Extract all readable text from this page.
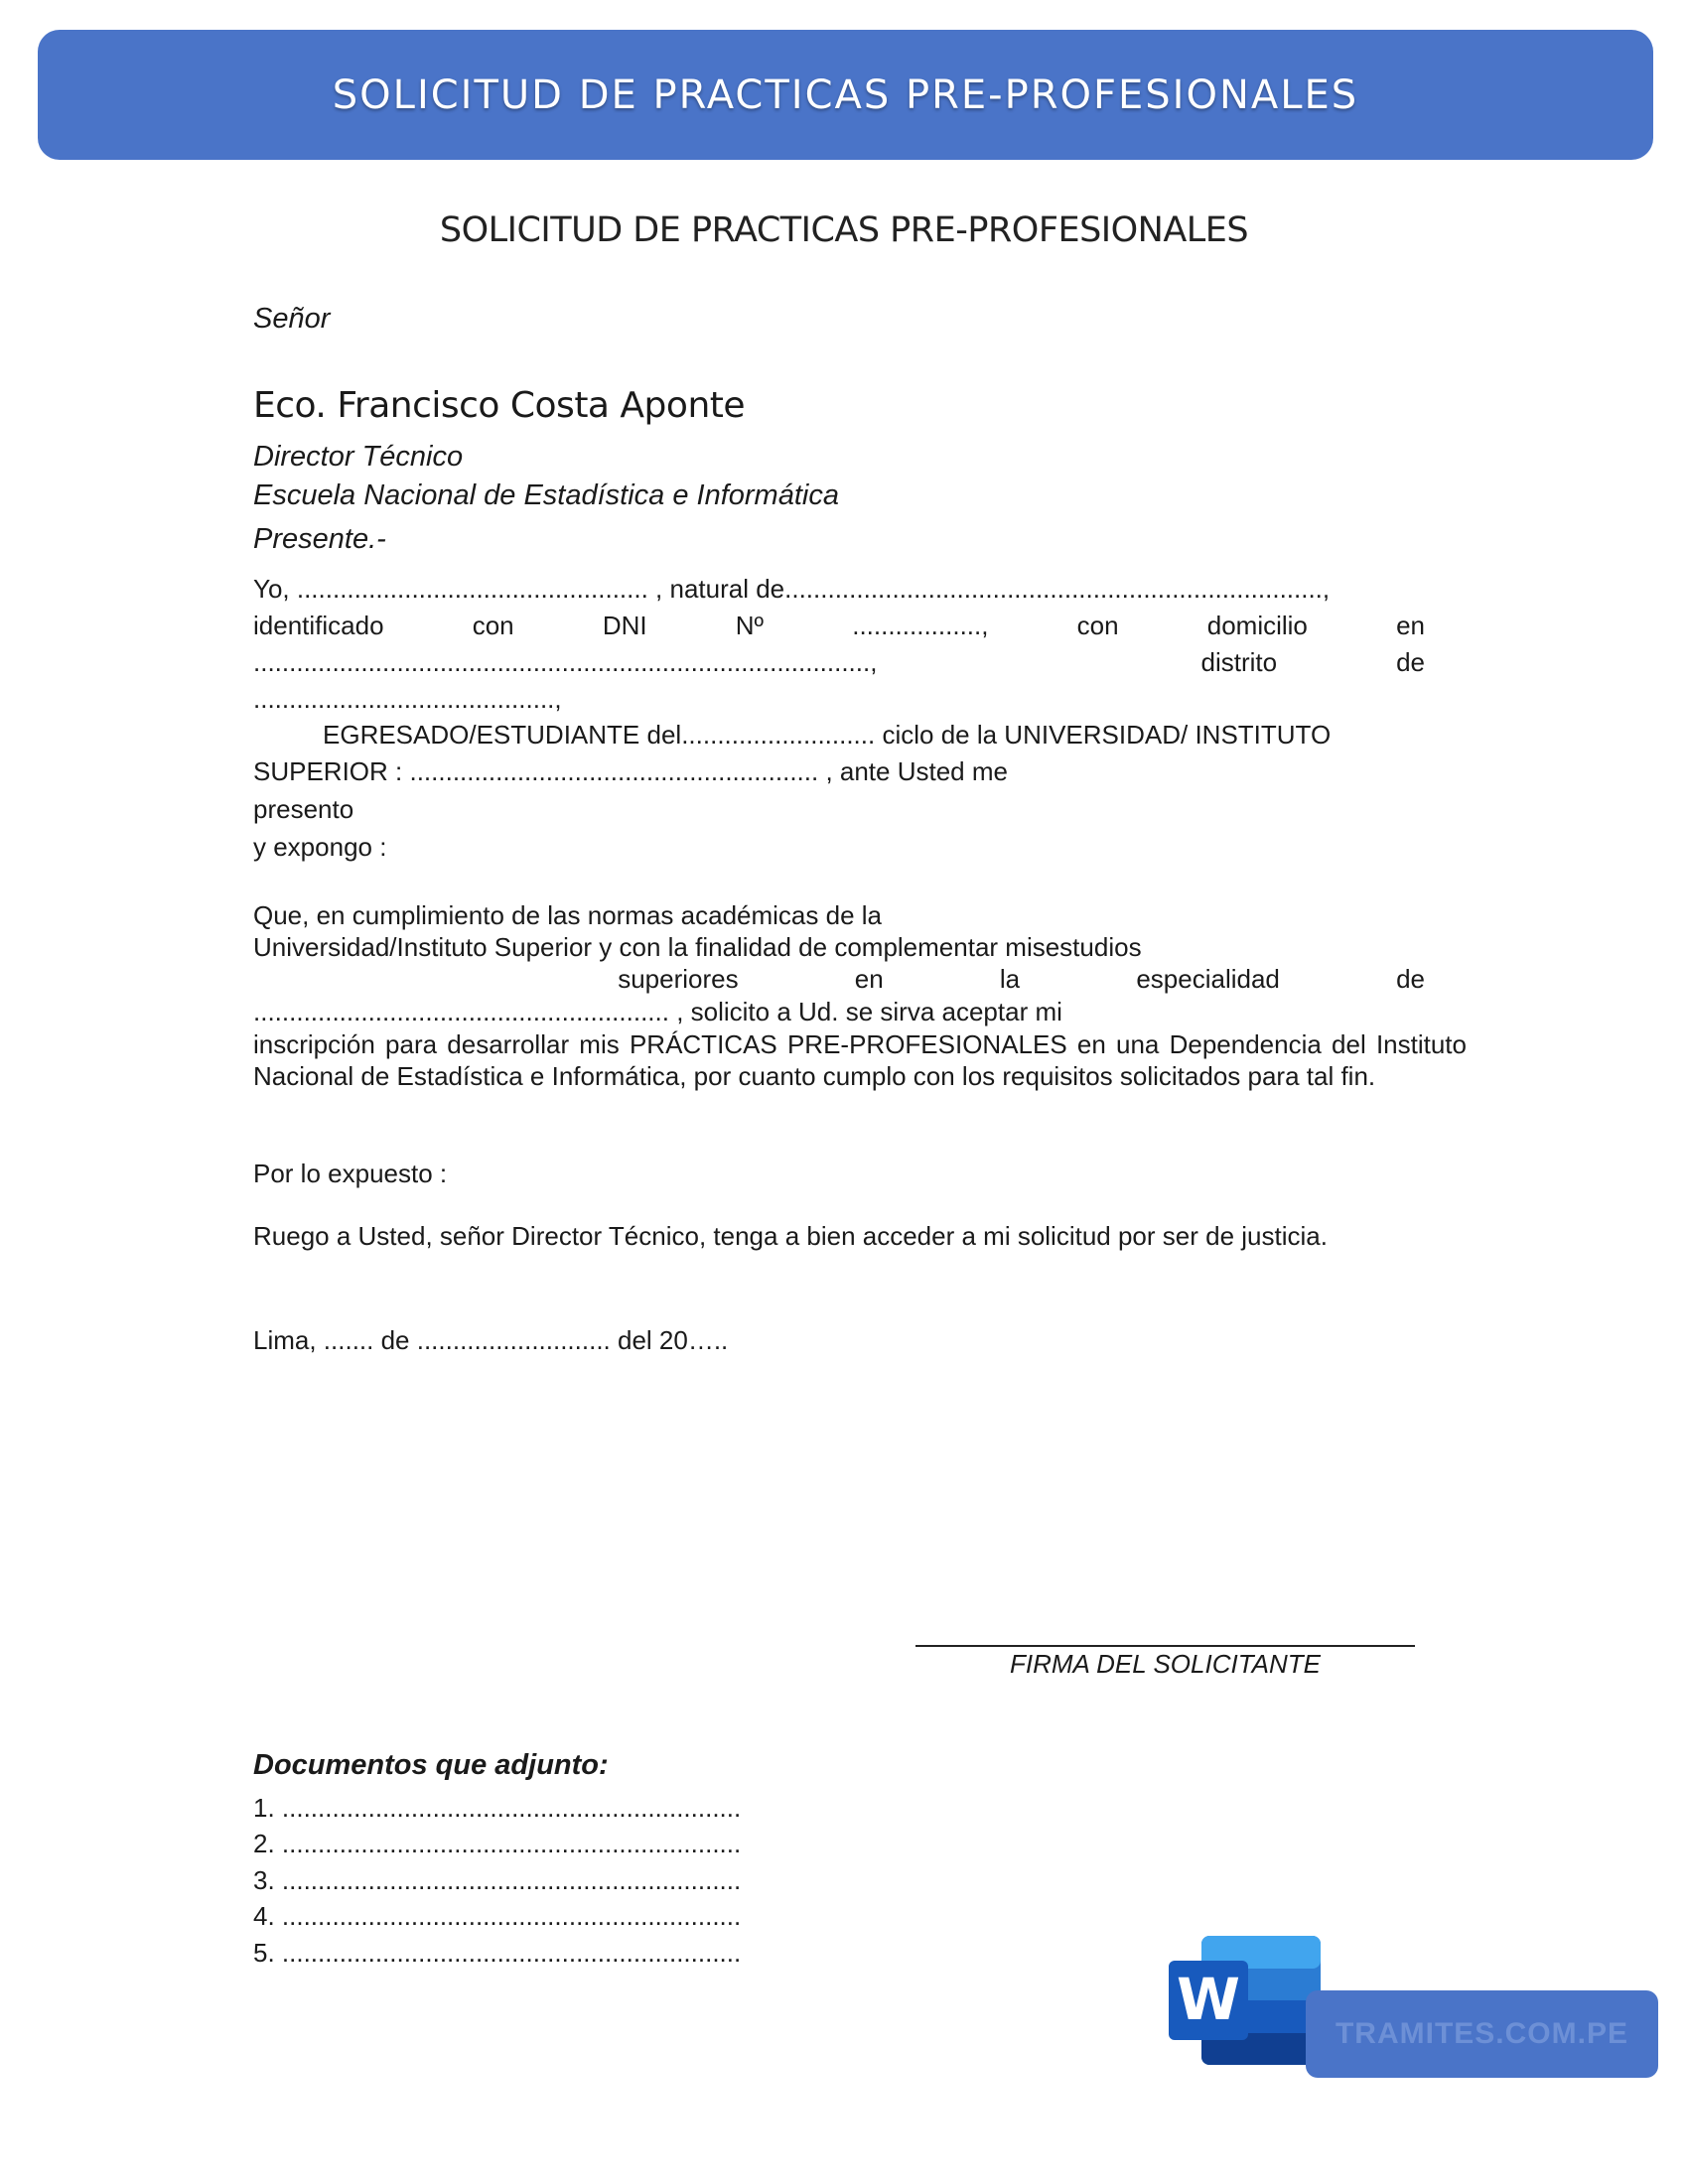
SOLICITUD DE PRACTICAS PRE-PROFESIONALES
SOLICITUD DE PRACTICAS PRE-PROFESIONALES
Señor
Eco. Francisco Costa Aponte
Director Técnico
Escuela Nacional de Estadística e Informática
Presente.-
Yo, ................................................. , natural de...........................................................................,
identificado	con	DNI	Nº	..................,	con	domicilio	en
......................................................................................,	distrito	de
..........................................,
EGRESADO/ESTUDIANTE del........................... ciclo de la UNIVERSIDAD/ INSTITUTO
SUPERIOR : ......................................................... , ante Usted me
presento
y expongo :
Que, en cumplimiento de las normas académicas de la
Universidad/Instituto Superior y con la finalidad de complementar misestudios
superiores	en	la	especialidad	de
.......................................................... , solicito a Ud. se sirva aceptar mi
inscripción para desarrollar mis PRÁCTICAS PRE-PROFESIONALES en una Dependencia del Instituto Nacional de Estadística e Informática, por cuanto cumplo con los requisitos solicitados para tal fin.
Por lo expuesto :
Ruego a Usted, señor Director Técnico, tenga a bien acceder a mi solicitud por ser de justicia.
Lima, ....... de ........................... del 20…..
FIRMA DEL SOLICITANTE
Documentos que adjunto:
1. ................................................................
2. ................................................................
3. ................................................................
4. ................................................................
5. ................................................................
W
TRAMITES.COM.PE
